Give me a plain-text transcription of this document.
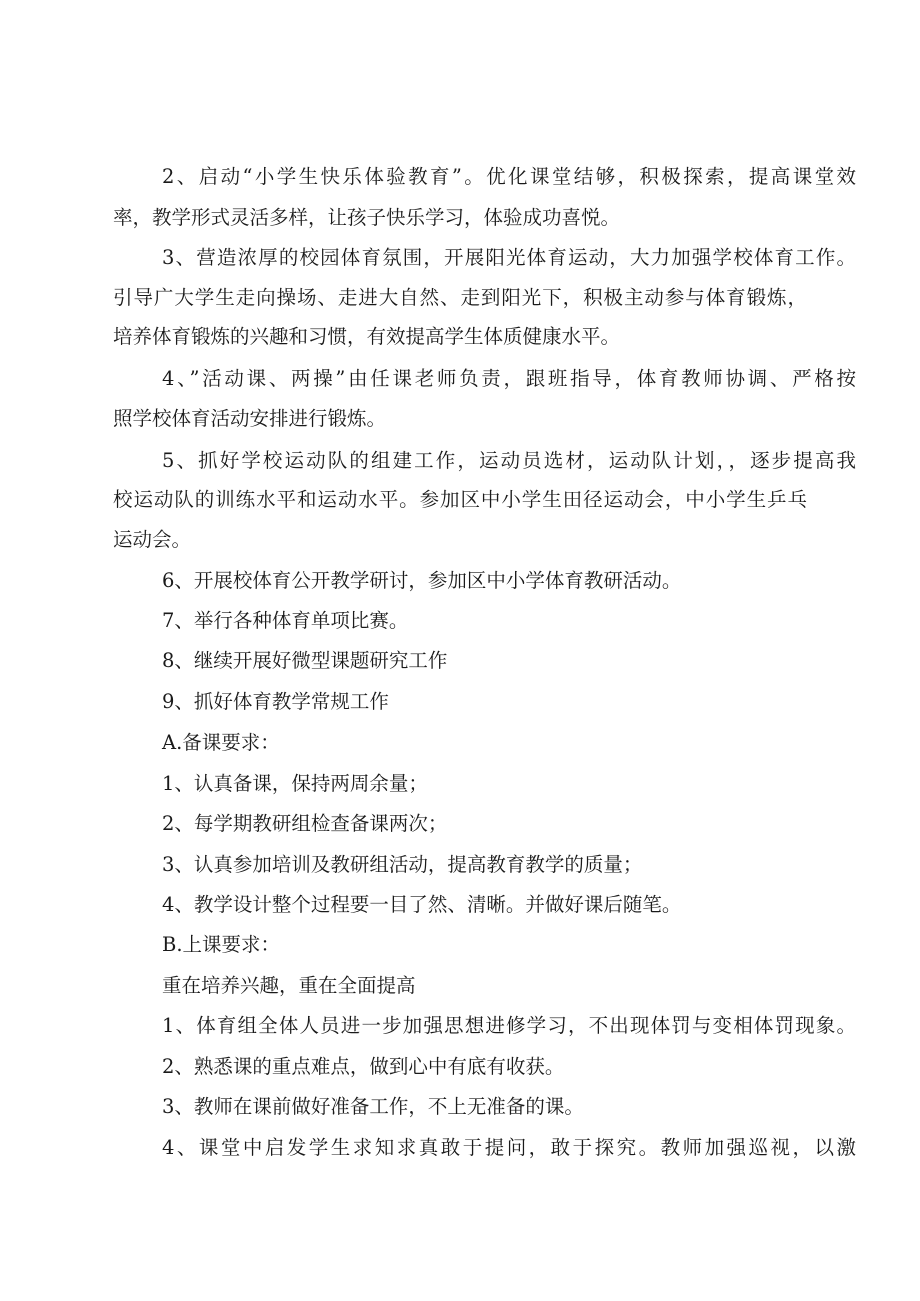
2、启动“小学生快乐体验教育”。优化课堂结够，积极探索，提高课堂效
率，教学形式灵活多样，让孩子快乐学习，体验成功喜悦。
3、营造浓厚的校园体育氛围，开展阳光体育运动，大力加强学校体育工作。
引导广大学生走向操场、走进大自然、走到阳光下，积极主动参与体育锻炼，
培养体育锻炼的兴趣和习惯，有效提高学生体质健康水平。
4、”活动课、两操”由任课老师负责，跟班指导，体育教师协调、严格按
照学校体育活动安排进行锻炼。
5、抓好学校运动队的组建工作，运动员选材，运动队计划，，逐步提高我
校运动队的训练水平和运动水平。参加区中小学生田径运动会，中小学生乒乓
运动会。
6、开展校体育公开教学研讨，参加区中小学体育教研活动。
7、举行各种体育单项比赛。
8、继续开展好微型课题研究工作
9、抓好体育教学常规工作
A.备课要求：
1、认真备课，保持两周余量；
2、每学期教研组检查备课两次；
3、认真参加培训及教研组活动，提高教育教学的质量；
4、教学设计整个过程要一目了然、清晰。并做好课后随笔。
B.上课要求：
重在培养兴趣，重在全面提高
1、体育组全体人员进一步加强思想进修学习，不出现体罚与变相体罚现象。
2、熟悉课的重点难点，做到心中有底有收获。
3、教师在课前做好准备工作，不上无准备的课。
4、课堂中启发学生求知求真敢于提问，敢于探究。教师加强巡视，以激
